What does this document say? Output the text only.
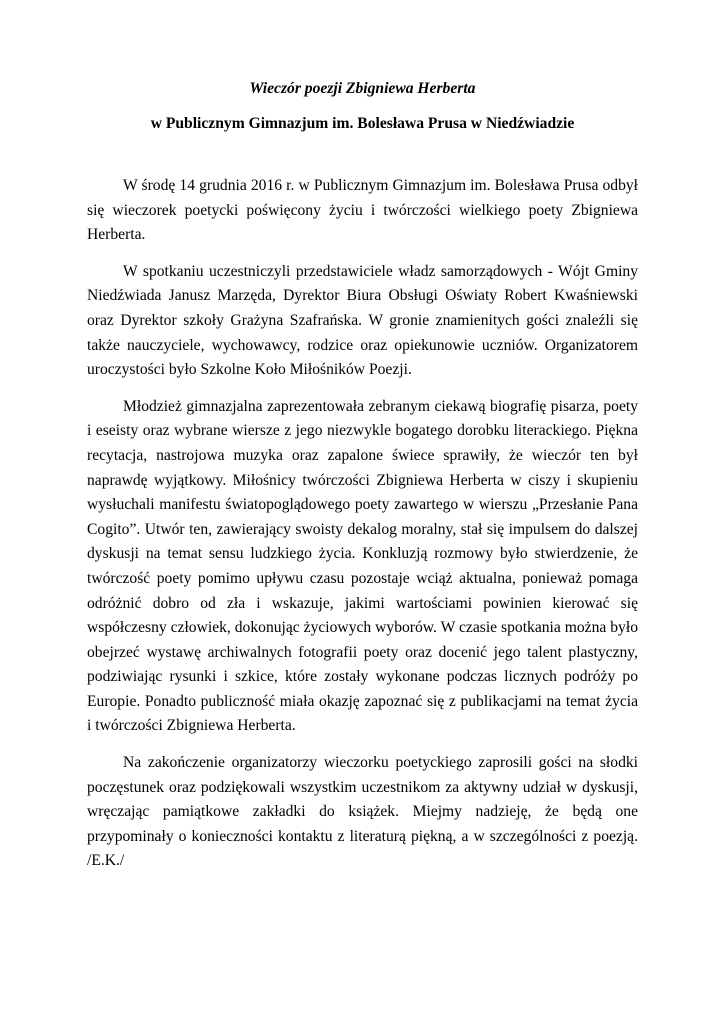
Wieczór poezji Zbigniewa Herberta

w Publicznym Gimnazjum im. Bolesława Prusa w Niedźwiadzie

W środę 14 grudnia 2016 r. w Publicznym Gimnazjum im. Bolesława Prusa odbył się wieczorek poetycki poświęcony życiu i twórczości wielkiego poety Zbigniewa Herberta.

W spotkaniu uczestniczyli przedstawiciele władz samorządowych - Wójt Gminy Niedźwiada Janusz Marzęda, Dyrektor Biura Obsługi Oświaty Robert Kwaśniewski oraz Dyrektor szkoły Grażyna Szafrańska. W gronie znamienitych gości znaleźli się także nauczyciele, wychowawcy, rodzice oraz opiekunowie uczniów. Organizatorem uroczystości było Szkolne Koło Miłośników Poezji.

Młodzież gimnazjalna zaprezentowała zebranym ciekawą biografię pisarza, poety i eseisty oraz wybrane wiersze z jego niezwykle bogatego dorobku literackiego. Piękna recytacja, nastrojowa muzyka oraz zapalone świece sprawiły, że wieczór ten był naprawdę wyjątkowy. Miłośnicy twórczości Zbigniewa Herberta w ciszy i skupieniu wysłuchali manifestu światopoglądowego poety zawartego w wierszu „Przesłanie Pana Cogito”. Utwór ten, zawierający swoisty dekalog moralny, stał się impulsem do dalszej dyskusji na temat sensu ludzkiego życia. Konkluzją rozmowy było stwierdzenie, że twórczość poety pomimo upływu czasu pozostaje wciąż aktualna, ponieważ pomaga odróżnić dobro od zła i wskazuje, jakimi wartościami powinien kierować się współczesny człowiek, dokonując życiowych wyborów. W czasie spotkania można było obejrzeć wystawę archiwalnych fotografii poety oraz docenić jego talent plastyczny, podziwiając rysunki i szkice, które zostały wykonane podczas licznych podróży po Europie. Ponadto publiczność miała okazję zapoznać się z publikacjami na temat życia i twórczości Zbigniewa Herberta.

Na zakończenie organizatorzy wieczorku poetyckiego zaprosili gości na słodki poczęstunek oraz podziękowali wszystkim uczestnikom za aktywny udział w dyskusji, wręczając pamiątkowe zakładki do książek. Miejmy nadzieję, że będą one przypominały o konieczności kontaktu z literaturą piękną, a w szczególności z poezją. /E.K./
